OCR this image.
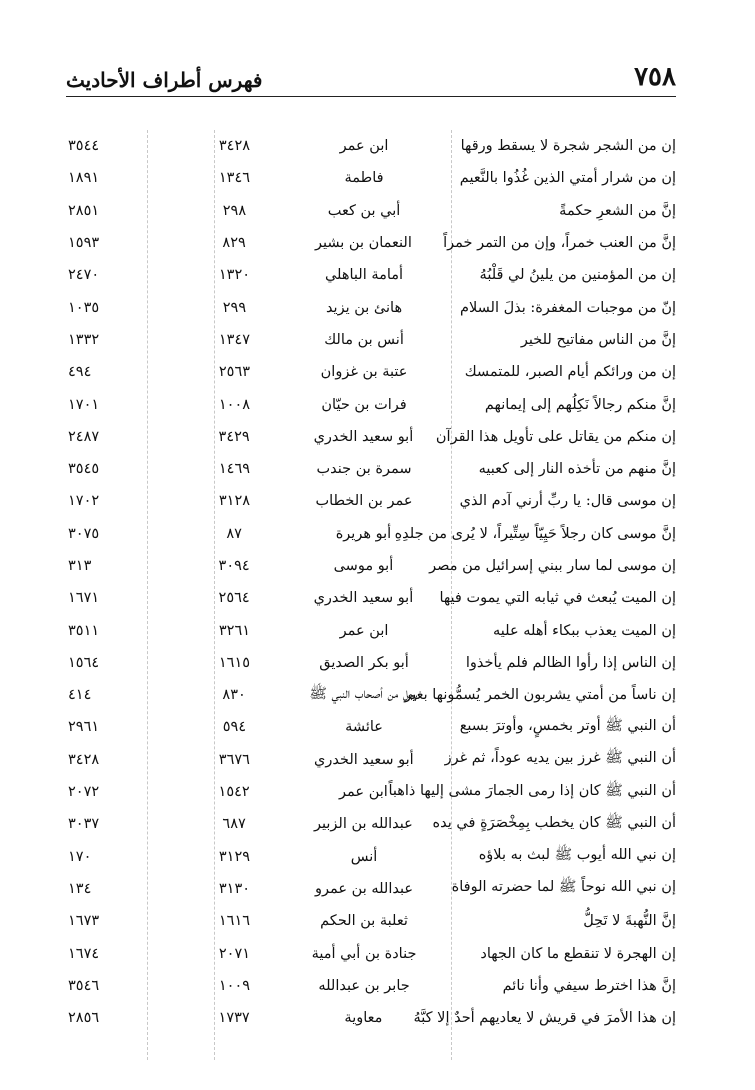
٧٥٨
فهرس أطراف الأحاديث
إن من الشجر شجرة لا يسقط ورقها
ابن عمر
٣٤٢٨
٣٥٤٤
إن من شرار أمتي الذين غُذُوا بالنَّعيم
فاطمة
١٣٤٦
١٨٩١
إنَّ من الشعرِ حكمةً
أبي بن كعب
٢٩٨
٢٨٥١
إنَّ من العنب خمراً، وإن من التمر خمراً
النعمان بن بشير
٨٢٩
١٥٩٣
إن من المؤمنين من يلينُ لي قَلْبُهُ
أمامة الباهلي
١٣٢٠
٢٤٧٠
إنّ من موجبات المغفرة: بذلَ السلام
هانئ بن يزيد
٢٩٩
١٠٣٥
إنَّ من الناس مفاتيح للخير
أنس بن مالك
١٣٤٧
١٣٣٢
إن من ورائكم أيام الصبر، للمتمسك
عتبة بن غزوان
٢٥٦٣
٤٩٤
إنَّ منكم رجالاً نَكِلُهم إلى إيمانهم
فرات بن حيّان
١٠٠٨
١٧٠١
إن منكم من يقاتل على تأويل هذا القرآن
أبو سعيد الخدري
٣٤٢٩
٢٤٨٧
إنَّ منهم من تأخذه النار إلى كعبيه
سمرة بن جندب
١٤٦٩
٣٥٤٥
إن موسى قال: يا ربِّ أرني آدم الذي
عمر بن الخطاب
٣١٢٨
١٧٠٢
إنَّ موسى كان رجلاً حَيِيّاً سِتِّيراً، لا يُرى من جلدِهِ
أبو هريرة
٨٧
٣٠٧٥
إن موسى لما سار ببني إسرائيل من مصر
أبو موسى
٣٠٩٤
٣١٣
إن الميت يُبعث في ثيابه التي يموت فيها
أبو سعيد الخدري
٢٥٦٤
١٦٧١
إن الميت يعذب ببكاء أهله عليه
ابن عمر
٣٢٦١
٣٥١١
إن الناس إذا رأوا الظالم فلم يأخذوا
أبو بكر الصديق
١٦١٥
١٥٦٤
إن ناساً من أمتي يشربون الخمر يُسمُّونها بغير
رجل من أصحاب النبي ﷺ
٨٣٠
٤١٤
أن النبي ﷺ أوتر بخمسٍ، وأوترَ بسبع
عائشة
٥٩٤
٢٩٦١
أن النبي ﷺ غرز بين يديه عوداً، ثم غرز
أبو سعيد الخدري
٣٦٧٦
٣٤٢٨
أن النبي ﷺ كان إذا رمى الجمارَ مشى إليها ذاهباً
ابن عمر
١٥٤٢
٢٠٧٢
أن النبي ﷺ كان يخطب بِمِخْصَرَةٍ في يده
عبدالله بن الزبير
٦٨٧
٣٠٣٧
إن نبي الله أيوب ﷺ لبث به بلاؤه
أنس
٣١٢٩
١٧٠
إن نبي الله نوحاً ﷺ لما حضرته الوفاة
عبدالله بن عمرو
٣١٣٠
١٣٤
إنَّ النُّهبةَ لا تَحِلُّ
ثعلبة بن الحكم
١٦١٦
١٦٧٣
إن الهجرة لا تنقطع ما كان الجهاد
جنادة بن أبي أمية
٢٠٧١
١٦٧٤
إنَّ هذا اخترط سيفي وأنا نائم
جابر بن عبدالله
١٠٠٩
٣٥٤٦
إن هذا الأمرَ في قريش لا يعاديهم أحدٌ إلا كبَّهُ
معاوية
١٧٣٧
٢٨٥٦
